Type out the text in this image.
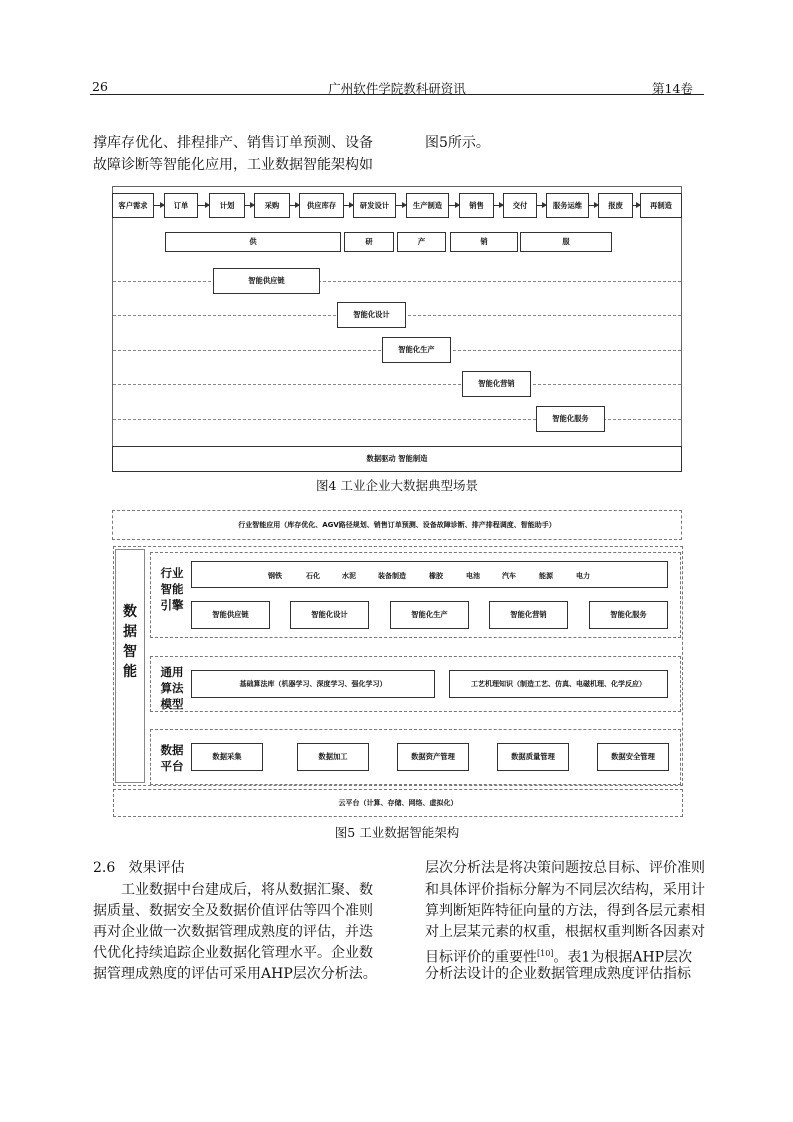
26	广州软件学院教科研资讯	第14卷
撑库存优化、排程排产、销售订单预测、设备
故障诊断等智能化应用，工业数据智能架构如
图5所示。
客户需求	订单	计划	采购	供应库存	研发设计	生产制造	销售	交付	服务运维	报废	再制造
供	研	产	销	服
智能供应链
智能化设计
智能化生产
智能化营销
智能化服务
数据驱动 智能制造
图4 工业企业大数据典型场景
行业智能应用（库存优化、AGV路径规划、销售订单预测、设备故障诊断、排产排程调度、智能助手）
数
据
智
能
行业
智能
引擎
钢铁	石化	水泥	装备制造	橡胶	电池	汽车	能源	电力
智能供应链	智能化设计	智能化生产	智能化营销	智能化服务
通用
算法
模型
基础算法库（机器学习、深度学习、强化学习）	工艺机理知识（制造工艺、仿真、电磁机理、化学反应）
数据
平台
数据采集	数据加工	数据资产管理	数据质量管理	数据安全管理
云平台（计算、存储、网络、虚拟化）
图5 工业数据智能架构
2.6   效果评估
工业数据中台建成后，将从数据汇聚、数
据质量、数据安全及数据价值评估等四个准则
再对企业做一次数据管理成熟度的评估，并迭
代优化持续追踪企业数据化管理水平。企业数
据管理成熟度的评估可采用AHP层次分析法。
层次分析法是将决策问题按总目标、评价准则
和具体评价指标分解为不同层次结构，采用计
算判断矩阵特征向量的方法，得到各层元素相
对上层某元素的权重，根据权重判断各因素对
目标评价的重要性[10]。表1为根据AHP层次
分析法设计的企业数据管理成熟度评估指标
